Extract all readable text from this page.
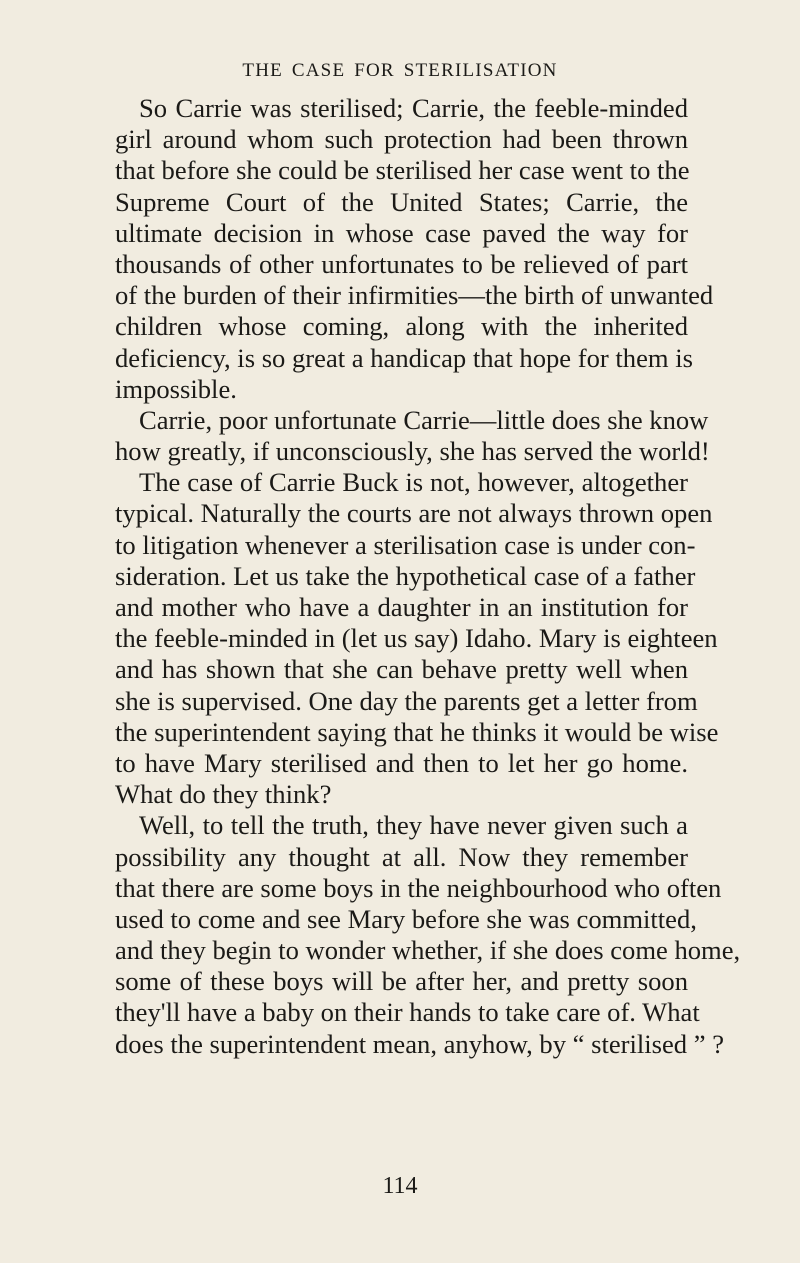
THE CASE FOR STERILISATION
So Carrie was sterilised; Carrie, the feeble-minded
girl around whom such protection had been thrown
that before she could be sterilised her case went to the
Supreme Court of the United States; Carrie, the
ultimate decision in whose case paved the way for
thousands of other unfortunates to be relieved of part
of the burden of their infirmities—the birth of unwanted
children whose coming, along with the inherited
deficiency, is so great a handicap that hope for them is
impossible.
Carrie, poor unfortunate Carrie—little does she know
how greatly, if unconsciously, she has served the world!
The case of Carrie Buck is not, however, altogether
typical. Naturally the courts are not always thrown open
to litigation whenever a sterilisation case is under con-
sideration. Let us take the hypothetical case of a father
and mother who have a daughter in an institution for
the feeble-minded in (let us say) Idaho. Mary is eighteen
and has shown that she can behave pretty well when
she is supervised. One day the parents get a letter from
the superintendent saying that he thinks it would be wise
to have Mary sterilised and then to let her go home.
What do they think?
Well, to tell the truth, they have never given such a
possibility any thought at all. Now they remember
that there are some boys in the neighbourhood who often
used to come and see Mary before she was committed,
and they begin to wonder whether, if she does come home,
some of these boys will be after her, and pretty soon
they'll have a baby on their hands to take care of. What
does the superintendent mean, anyhow, by “ sterilised ” ?
114
